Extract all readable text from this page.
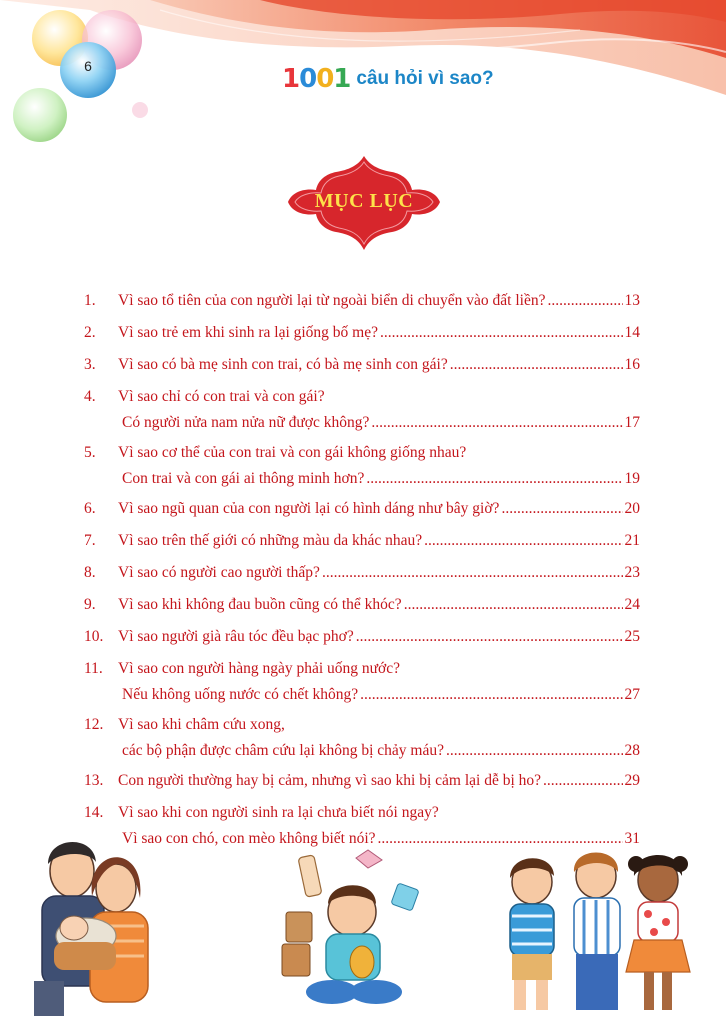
6	1001 câu hỏi vì sao?
MỤC LỤC
1.	Vì sao tổ tiên của con người lại từ ngoài biển di chuyển vào đất liền? .....	13
2.	Vì sao trẻ em khi sinh ra lại giống bố mẹ? .....	14
3.	Vì sao có bà mẹ sinh con trai, có bà mẹ sinh con gái? .....	16
4.	Vì sao chỉ có con trai và con gái?
Có người nửa nam nửa nữ được không? .....	17
5.	Vì sao cơ thể của con trai và con gái không giống nhau?
Con trai và con gái ai thông minh hơn? .....	19
6.	Vì sao ngũ quan của con người lại có hình dáng như bây giờ? .....	20
7.	Vì sao trên thế giới có những màu da khác nhau? .....	21
8.	Vì sao có người cao người thấp? .....	23
9.	Vì sao khi không đau buồn cũng có thể khóc? .....	24
10. Vì sao người già râu tóc đều bạc phơ? .....	25
11. Vì sao con người hàng ngày phải uống nước?
Nếu không uống nước có chết không? .....	27
12. Vì sao khi châm cứu xong,
các bộ phận được châm cứu lại không bị chảy máu? .....	28
13. Con người thường hay bị cảm, nhưng vì sao khi bị cảm lại dễ bị ho? .....	29
14. Vì sao khi con người sinh ra lại chưa biết nói ngay?
Vì sao con chó, con mèo không biết nói? .....	31
